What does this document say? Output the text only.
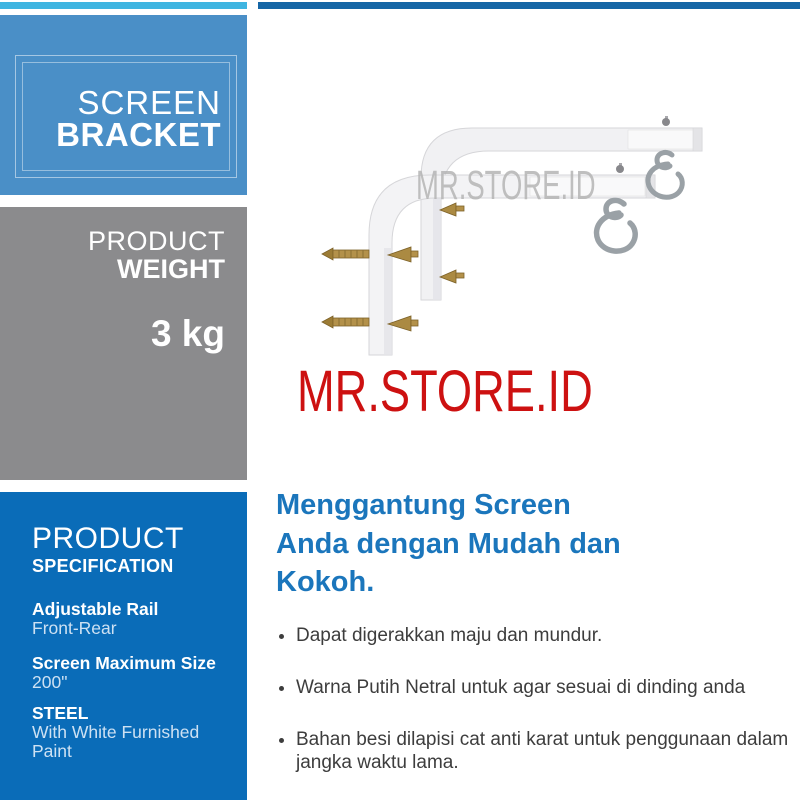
SCREEN
BRACKET
PRODUCT
WEIGHT
3 kg
PRODUCT
SPECIFICATION
Adjustable Rail
Front-Rear
Screen Maximum Size
200"
STEEL
With White Furnished Paint
MR.STORE.ID
MR.STORE.ID
Menggantung Screen
Anda dengan Mudah dan
Kokoh.
• Dapat digerakkan maju dan mundur.
• Warna Putih Netral untuk agar sesuai di dinding anda
• Bahan besi dilapisi cat anti karat untuk penggunaan dalam jangka waktu lama.
